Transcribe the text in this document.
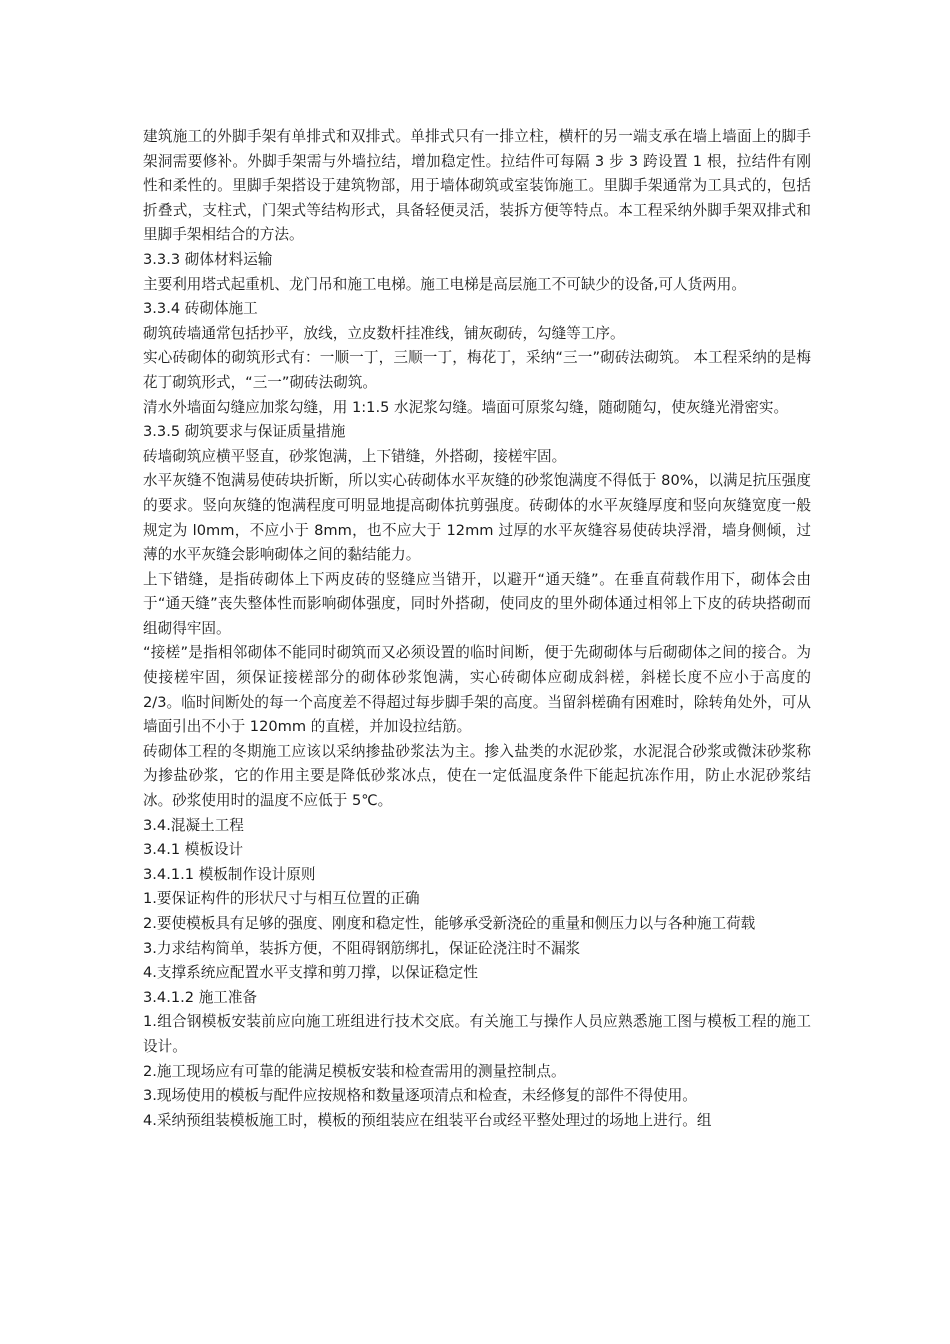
建筑施工的外脚手架有单排式和双排式。单排式只有一排立柱，横杆的另一端支承在墙上墙面上的脚手架洞需要修补。外脚手架需与外墙拉结，增加稳定性。拉结件可每隔 3 步 3 跨设置 1 根，拉结件有刚性和柔性的。里脚手架搭设于建筑物部，用于墙体砌筑或室装饰施工。里脚手架通常为工具式的，包括折叠式，支柱式，门架式等结构形式，具备轻便灵活，装拆方便等特点。本工程采纳外脚手架双排式和里脚手架相结合的方法。

3.3.3 砌体材料运输

主要利用塔式起重机、龙门吊和施工电梯。施工电梯是高层施工不可缺少的设备,可人货两用。

3.3.4 砖砌体施工

砌筑砖墙通常包括抄平，放线，立皮数杆挂准线，铺灰砌砖，勾缝等工序。

实心砖砌体的砌筑形式有：一顺一丁，三顺一丁，梅花丁，采纳“三一”砌砖法砌筑。 本工程采纳的是梅花丁砌筑形式，“三一”砌砖法砌筑。

清水外墙面勾缝应加浆勾缝，用 1:1.5 水泥浆勾缝。墙面可原浆勾缝，随砌随勾，使灰缝光滑密实。

3.3.5 砌筑要求与保证质量措施

砖墙砌筑应横平竖直，砂浆饱满，上下错缝，外搭砌，接槎牢固。

水平灰缝不饱满易使砖块折断，所以实心砖砌体水平灰缝的砂浆饱满度不得低于 80%，以满足抗压强度的要求。竖向灰缝的饱满程度可明显地提高砌体抗剪强度。砖砌体的水平灰缝厚度和竖向灰缝宽度一般规定为 l0mm，不应小于 8mm，也不应大于 12mm 过厚的水平灰缝容易使砖块浮滑，墙身侧倾，过薄的水平灰缝会影响砌体之间的黏结能力。

上下错缝，是指砖砌体上下两皮砖的竖缝应当错开，以避开“通天缝”。在垂直荷载作用下，砌体会由于“通天缝”丧失整体性而影响砌体强度，同时外搭砌，使同皮的里外砌体通过相邻上下皮的砖块搭砌而组砌得牢固。

“接槎”是指相邻砌体不能同时砌筑而又必须设置的临时间断，便于先砌砌体与后砌砌体之间的接合。为使接槎牢固，须保证接槎部分的砌体砂浆饱满，实心砖砌体应砌成斜槎，斜槎长度不应小于高度的 2/3。临时间断处的每一个高度差不得超过每步脚手架的高度。当留斜槎确有困难时，除转角处外，可从墙面引出不小于 120mm 的直槎，并加设拉结筋。

砖砌体工程的冬期施工应该以采纳掺盐砂浆法为主。掺入盐类的水泥砂浆，水泥混合砂浆或微沫砂浆称为掺盐砂浆，它的作用主要是降低砂浆冰点，使在一定低温度条件下能起抗冻作用，防止水泥砂浆结冰。砂浆使用时的温度不应低于 5℃。

3.4.混凝土工程

3.4.1 模板设计

3.4.1.1 模板制作设计原则

1.要保证构件的形状尺寸与相互位置的正确

2.要使模板具有足够的强度、刚度和稳定性，能够承受新浇砼的重量和侧压力以与各种施工荷载

3.力求结构简单，装拆方便，不阻碍钢筋绑扎，保证砼浇注时不漏浆

4.支撑系统应配置水平支撑和剪刀撑，以保证稳定性

3.4.1.2 施工准备

1.组合钢模板安装前应向施工班组进行技术交底。有关施工与操作人员应熟悉施工图与模板工程的施工设计。

2.施工现场应有可靠的能满足模板安装和检查需用的测量控制点。

3.现场使用的模板与配件应按规格和数量逐项清点和检查，未经修复的部件不得使用。

4.采纳预组装模板施工时，模板的预组装应在组装平台或经平整处理过的场地上进行。组
